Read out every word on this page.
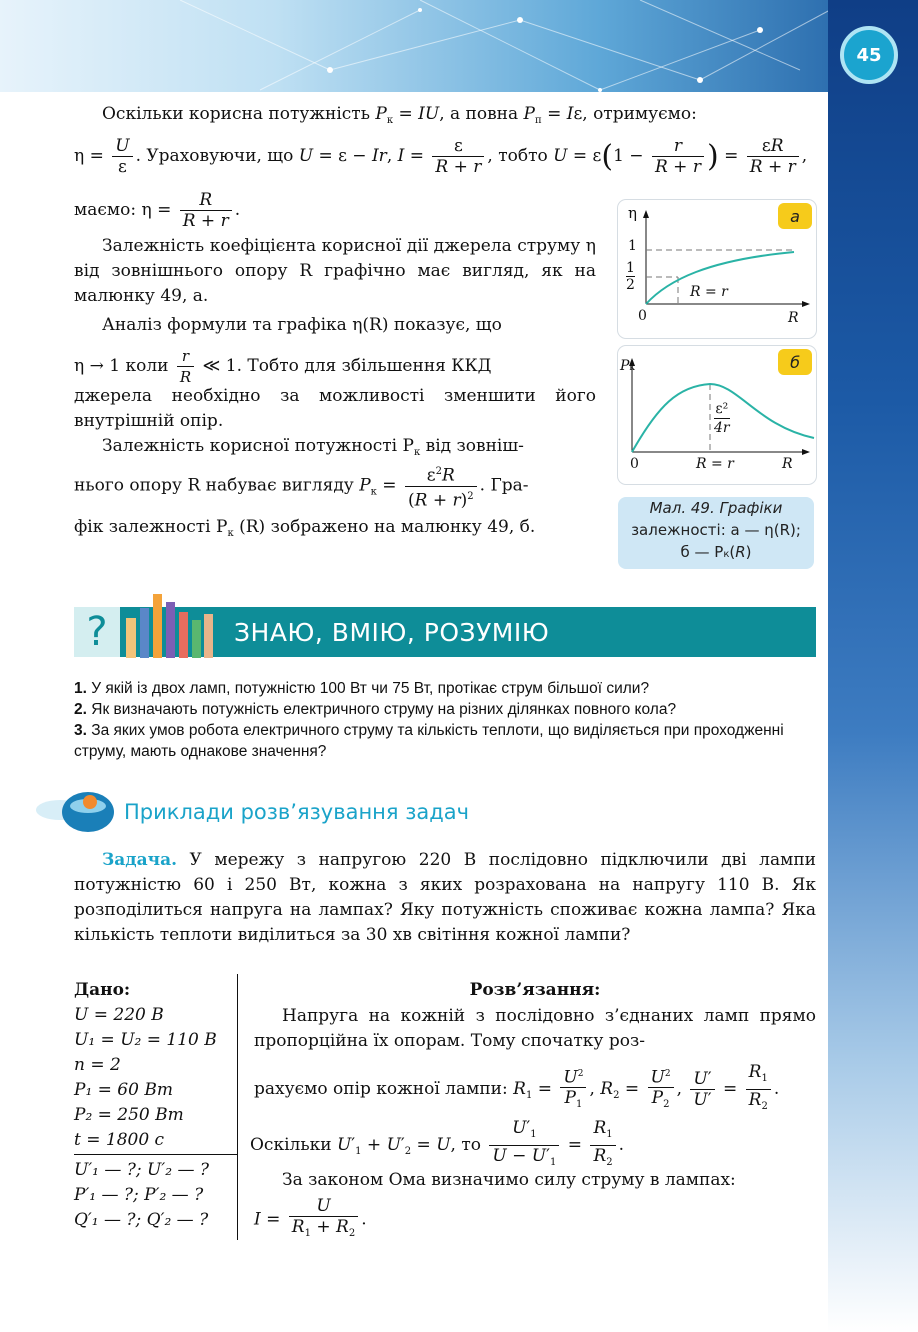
45
Оскільки корисна потужність $P_к$ = IU, а повна $P_п = I\varepsilon$, отримуємо:
$\eta = \frac{U}{\varepsilon}$ . Ураховуючи, що U = ε − Ir, $I = \frac{\varepsilon}{R + r}$ , тобто $U = \varepsilon(1 - \frac{r}{R + r}$ ) = $\frac{\varepsilon R}{R + r}$ ,
маємо: $\eta = \frac{R}{R + r}$ .
Залежність коефіцієнта корисної дії джерела струму η від зовнішнього опору R графічно має вигляд, як на малюнку 49, а.
Аналіз формули та графіка η(R) показує, що
η → 1 коли $\frac{r}{R}$ ≪ 1. Тобто для збільшення ККД
джерела необхідно за можливості зменшити його внутрішній опір.
Залежність корисної потужності $P_к$ від зовніш-
нього опору R набуває вигляду $P_к = \frac{\varepsilon^2R}{(R + r)^2}$ . Гра-
фік залежності $P_к$ (R) зображено на малюнку 49, б.
η
1
1
2
0	R
R = r
а
Pк
0	R
R = r
ε²
4r
б
Мал. 49. Графіки
залежності: а — η(R);
б — Pк(R)
?	ЗНАЮ, ВМІЮ, РОЗУМІЮ
1. У якій із двох ламп, потужністю 100 Вт чи 75 Вт, протікає струм більшої сили?
2. Як визначають потужність електричного струму на різних ділянках повного кола?
3. За яких умов робота електричного струму та кількість теплоти, що виділяється при проходженні струму, мають однакове значення?
Приклади розв’язування задач
Задача. У мережу з напругою 220 В послідовно підключили дві лампи потужністю 60 і 250 Вт, кожна з яких розрахована на напругу 110 В. Як розподілиться напруга на лампах? Яку потужність споживає кожна лампа? Яка кількість теплоти виділиться за 30 хв світіння кожної лампи?
Дано:
U = 220 В
U₁ = U₂ = 110 В
n = 2
P₁ = 60 Вт
P₂ = 250 Вт
t = 1800 с
U′₁ — ?; U′₂ — ?
P′₁ — ?; P′₂ — ?
Q′₁ — ?; Q′₂ — ?
Розв’язання:
Напруга на кожній з послідовно з’єднаних ламп прямо пропорційна їх опорам. Тому спочатку роз-
рахуємо опір кожної лампи: $R_1 = \frac{U^2}{P_1}$ , $R_2 = \frac{U^2}{P_2}$ , $\frac{U'}{U'} = \frac{R_1}{R_2}$ .
Оскільки $U'_1 + U'_2 = U$, то $\frac{U'_1}{U - U'_1} = \frac{R_1}{R_2}$ .
За законом Ома визначимо силу струму в лампах:
$I = \frac{U}{R_1 + R_2}$ .
